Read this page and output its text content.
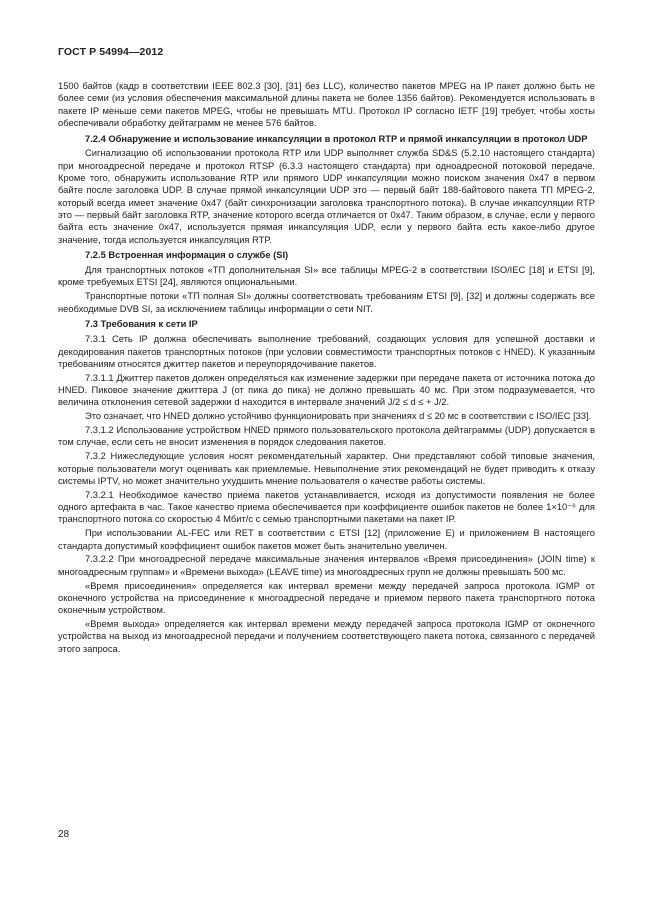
ГОСТ Р 54994—2012

1500 байтов (кадр в соответствии IEEE 802.3 [30], [31] без LLC), количество пакетов MPEG на IP пакет должно быть не более семи (из условия обеспечения максимальной длины пакета не более 1356 байтов). Рекомендуется использовать в пакете IP меньше семи пакетов MPEG, чтобы не превышать MTU. Протокол IP согласно IETF [19] требует, чтобы хосты обеспечивали обработку дейтаграмм не менее 576 байтов.

7.2.4 Обнаружение и использование инкапсуляции в протокол RTP и прямой инкапсуляции в протокол UDP

Сигнализацию об использовании протокола RTP или UDP выполняет служба SD&S (5.2.10 настоящего стандарта) при многоадресной передаче и протокол RTSP (6.3.3 настоящего стандарта) при одноадресной потоковой передаче. Кроме того, обнаружить использование RTP или прямого UDP инкапсуляции можно поиском значения 0x47 в первом байте после заголовка UDP. В случае прямой инкапсуляции UDP это — первый байт 188-байтового пакета ТП MPEG-2, который всегда имеет значение 0x47 (байт синхронизации заголовка транспортного потока). В случае инкапсуляции RTP это — первый байт заголовка RTP, значение которого всегда отличается от 0x47. Таким образом, в случае, если у первого байта есть значение 0x47, используется прямая инкапсуляция UDP, если у первого байта есть какое-либо другое значение, тогда используется инкапсуляция RTP.

7.2.5 Встроенная информация о службе (SI)

Для транспортных потоков «ТП дополнительная SI» все таблицы MPEG-2 в соответствии ISO/IEC [18] и ETSI [9], кроме требуемых ETSI [24], являются опциональными.

Транспортные потоки «ТП полная SI» должны соответствовать требованиям ETSI [9], [32] и должны содержать все необходимые DVB SI, за исключением таблицы информации о сети NIT.

7.3 Требования к сети IP

7.3.1 Сеть IP должна обеспечивать выполнение требований, создающих условия для успешной доставки и декодирования пакетов транспортных потоков (при условии совместимости транспортных потоков с HNED). К указанным требованиям относятся джиттер пакетов и переупорядочивание пакетов.

7.3.1.1 Джиттер пакетов должен определяться как изменение задержки при передаче пакета от источника потока до HNED. Пиковое значение джиттера J (от пика до пика) не должно превышать 40 мс. При этом подразумевается, что величина отклонения сетевой задержки d находится в интервале значений J/2 ≤ d ≤ + J/2.

Это означает, что HNED должно устойчиво функционировать при значениях d ≤ 20 мс в соответствии с ISO/IEC [33].

7.3.1.2 Использование устройством HNED прямого пользовательского протокола дейтаграммы (UDP) допускается в том случае, если сеть не вносит изменения в порядок следования пакетов.

7.3.2 Нижеследующие условия носят рекомендательный характер. Они представляют собой типовые значения, которые пользователи могут оценивать как приемлемые. Невыполнение этих рекомендаций не будет приводить к отказу системы IPTV, но может значительно ухудшить мнение пользователя о качестве работы системы.

7.3.2.1 Необходимое качество приема пакетов устанавливается, исходя из допустимости появления не более одного артефакта в час. Такое качество приема обеспечивается при коэффициенте ошибок пакетов не более 1×10⁻⁶ для транспортного потока со скоростью 4 Мбит/с с семью транспортными пакетами на пакет IP.

При использовании AL-FEC или RET в соответствии с ETSI [12] (приложение E) и приложением B настоящего стандарта допустимый коэффициент ошибок пакетов может быть значительно увеличен.

7.3.2.2 При многоадресной передаче максимальные значения интервалов «Время присоединения» (JOIN time) к многоадресным группам» и «Времени выхода» (LEAVE time) из многоадресных групп не должны превышать 500 мс.

«Время присоединения» определяется как интервал времени между передачей запроса протокола IGMP от оконечного устройства на присоединение к многоадресной передаче и приемом первого пакета транспортного потока оконечным устройством.

«Время выхода» определяется как интервал времени между передачей запроса протокола IGMP от оконечного устройства на выход из многоадресной передачи и получением соответствующего пакета потока, связанного с передачей этого запроса.

28
